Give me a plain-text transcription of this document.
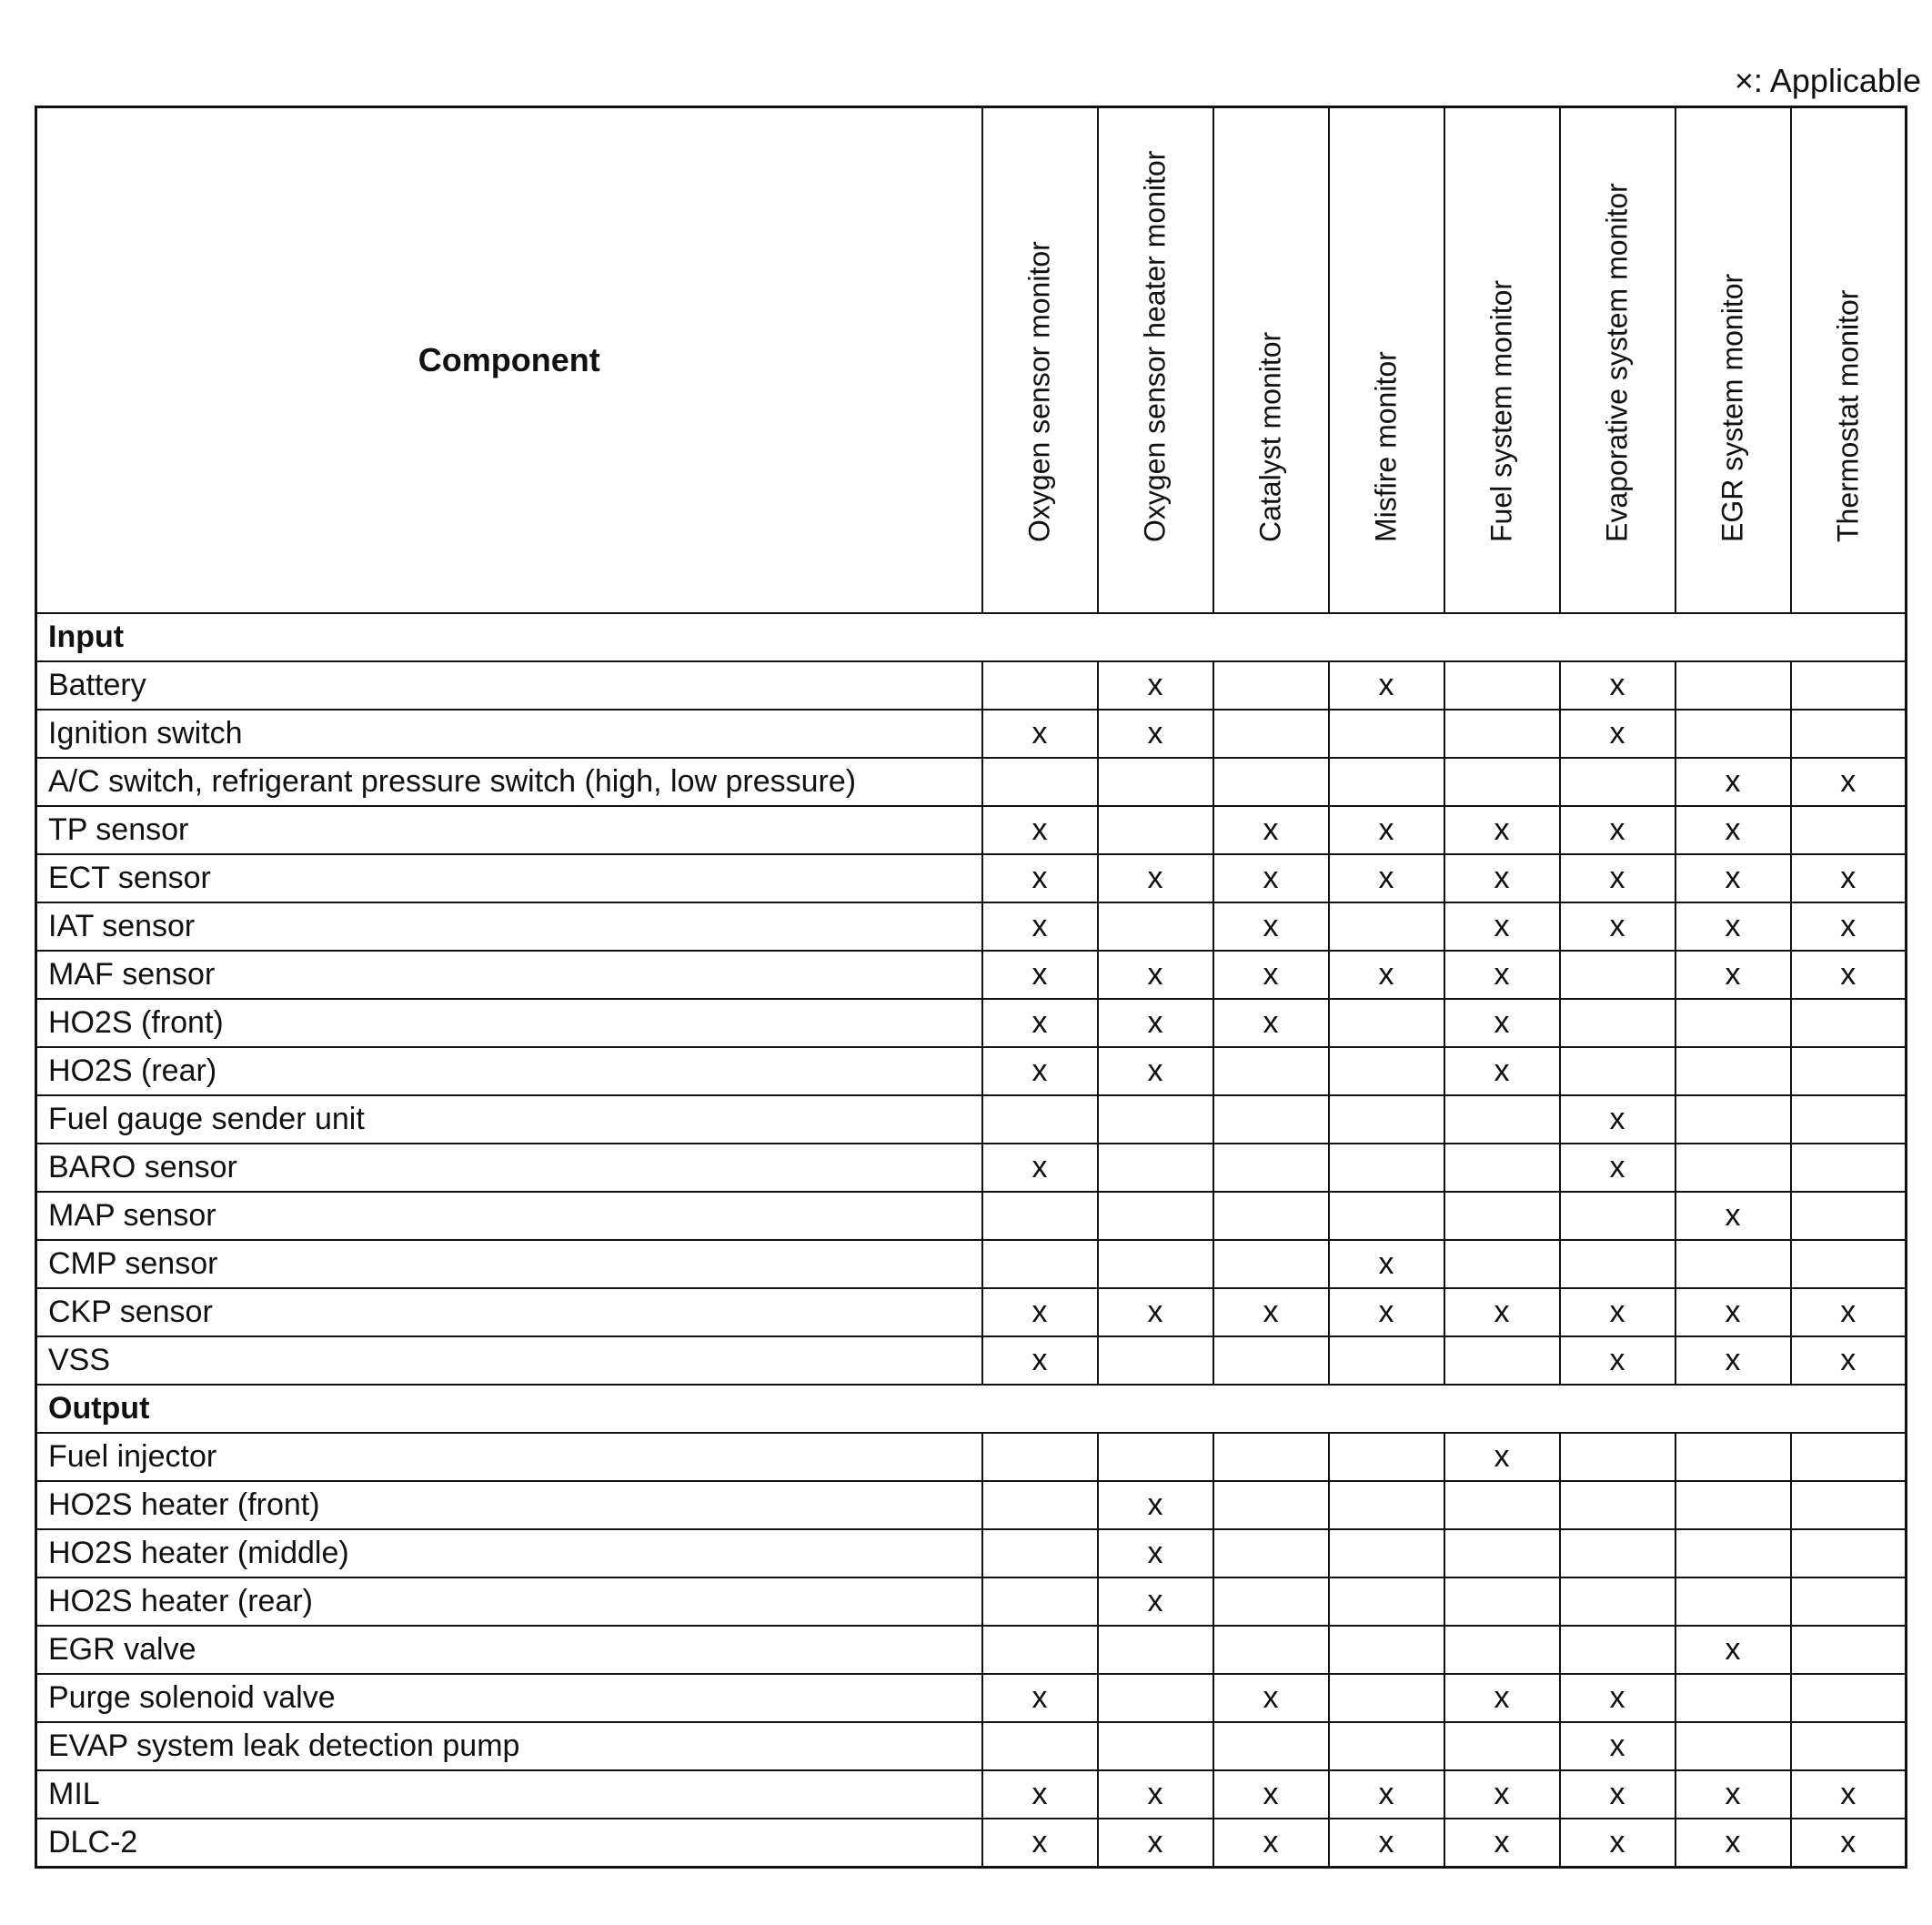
×: Applicable
Component	Oxygen sensor monitor	Oxygen sensor heater monitor	Catalyst monitor	Misfire monitor	Fuel system monitor	Evaporative system monitor	EGR system monitor	Thermostat monitor

Input								
Battery		x		x		x		
Ignition switch	x	x				x		
A/C switch, refrigerant pressure switch (high, low pressure)							x	x
TP sensor	x		x	x	x	x	x	
ECT sensor	x	x	x	x	x	x	x	x
IAT sensor	x		x		x	x	x	x
MAF sensor	x	x	x	x	x		x	x
HO2S (front)	x	x	x		x			
HO2S (rear)	x	x			x			
Fuel gauge sender unit						x		
BARO sensor	x					x		
MAP sensor							x	
CMP sensor				x				
CKP sensor	x	x	x	x	x	x	x	x
VSS	x					x	x	x
Output								
Fuel injector					x			
HO2S heater (front)		x						
HO2S heater (middle)		x						
HO2S heater (rear)		x						
EGR valve							x	
Purge solenoid valve	x		x		x	x		
EVAP system leak detection pump						x		
MIL	x	x	x	x	x	x	x	x
DLC-2	x	x	x	x	x	x	x	x
